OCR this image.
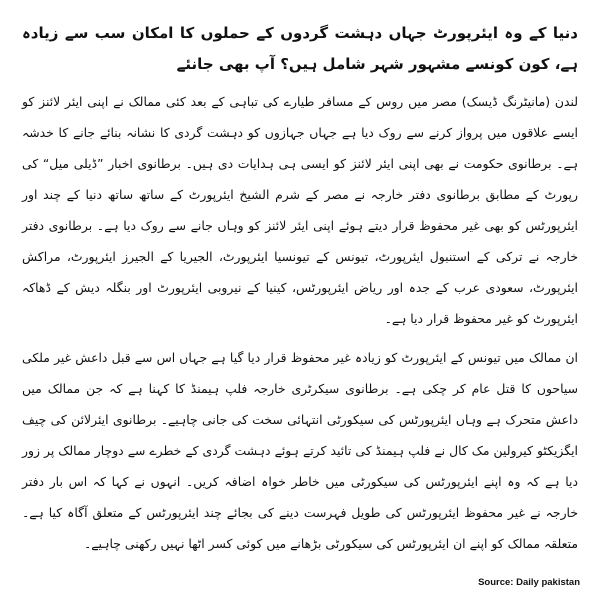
دنیا کے وہ ایئرپورٹ جہاں دہشت گردوں کے حملوں کا امکان سب سے زیادہ ہے، کون کونسے مشہور شہر شامل ہیں؟ آپ بھی جانئے

لندن (مانیٹرنگ ڈیسک) مصر میں روس کے مسافر طیارے کی تباہی کے بعد کئی ممالک نے اپنی ایئر لائنز کو ایسے علاقوں میں پرواز کرنے سے روک دیا ہے جہاں جہازوں کو دہشت گردی کا نشانہ بنائے جانے کا خدشہ ہے۔ برطانوی حکومت نے بھی اپنی ایئر لائنز کو ایسی ہی ہدایات دی ہیں۔ برطانوی اخبار ”ڈیلی میل“ کی رپورٹ کے مطابق برطانوی دفتر خارجہ نے مصر کے شرم الشیخ ایئرپورٹ کے ساتھ ساتھ دنیا کے چند اور ایئرپورٹس کو بھی غیر محفوظ قرار دیتے ہوئے اپنی ایئر لائنز کو وہاں جانے سے روک دیا ہے۔ برطانوی دفتر خارجہ نے ترکی کے استنبول ایئرپورٹ، تیونس کے تیونسیا ایئرپورٹ، الجیریا کے الجیرز ایئرپورٹ، مراکش ایئرپورٹ، سعودی عرب کے جدہ اور ریاض ایئرپورٹس، کینیا کے نیروبی ایئرپورٹ اور بنگلہ دیش کے ڈھاکہ ایئرپورٹ کو غیر محفوظ قرار دیا ہے۔

ان ممالک میں تیونس کے ایئرپورٹ کو زیادہ غیر محفوظ قرار دیا گیا ہے جہاں اس سے قبل داعش غیر ملکی سیاحوں کا قتل عام کر چکی ہے۔ برطانوی سیکرٹری خارجہ فلپ ہیمنڈ کا کہنا ہے کہ جن ممالک میں داعش متحرک ہے وہاں ایئرپورٹس کی سیکورٹی انتہائی سخت کی جانی چاہیے۔ برطانوی ایئرلائن کی چیف ایگزیکٹو کیرولین مک کال نے فلپ ہیمنڈ کی تائید کرتے ہوئے دہشت گردی کے خطرے سے دوچار ممالک پر زور دیا ہے کہ وہ اپنے ایئرپورٹس کی سیکورٹی میں خاطر خواہ اضافہ کریں۔ انہوں نے کہا کہ اس بار دفتر خارجہ نے غیر محفوظ ایئرپورٹس کی طویل فہرست دینے کی بجائے چند ایئرپورٹس کے متعلق آگاہ کیا ہے۔ متعلقہ ممالک کو اپنے ان ایئرپورٹس کی سیکورٹی بڑھانے میں کوئی کسر اٹھا نہیں رکھنی چاہیے۔

Source: Daily pakistan
